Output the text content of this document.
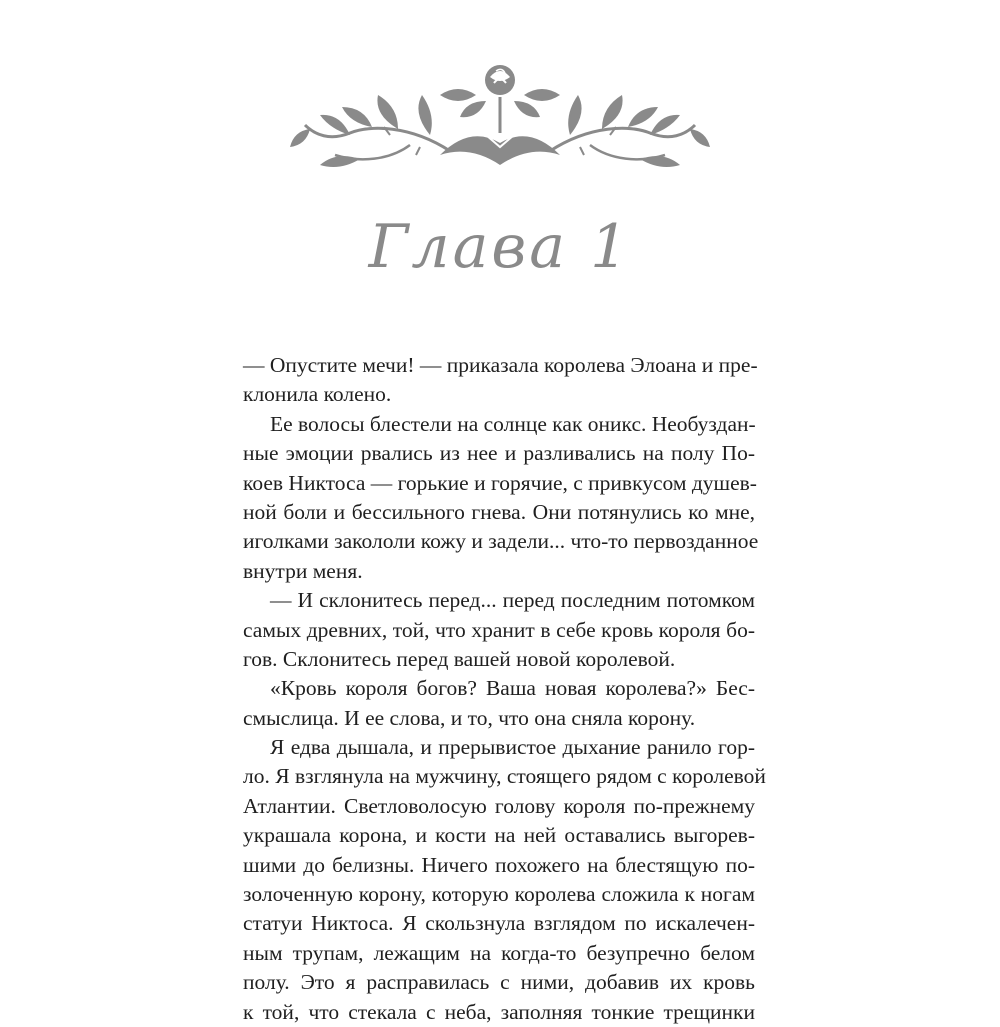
Глава 1
— Опустите мечи! — приказала королева Элоана и пре-
клонила колено.
Ее волосы блестели на солнце как оникс. Необуздан-
ные эмоции рвались из нее и разливались на полу По-
коев Никтоса — горькие и горячие, с привкусом душев-
ной боли и бессильного гнева. Они потянулись ко мне,
иголками закололи кожу и задели... что-то первозданное
внутри меня.
— И склонитесь перед... перед последним потомком
самых древних, той, что хранит в себе кровь короля бо-
гов. Склонитесь перед вашей новой королевой.
«Кровь короля богов? Ваша новая королева?» Бес-
смыслица. И ее слова, и то, что она сняла корону.
Я едва дышала, и прерывистое дыхание ранило гор-
ло. Я взглянула на мужчину, стоящего рядом с королевой
Атлантии. Светловолосую голову короля по-прежнему
украшала корона, и кости на ней оставались выгорев-
шими до белизны. Ничего похожего на блестящую по-
золоченную корону, которую королева сложила к ногам
статуи Никтоса. Я скользнула взглядом по искалечен-
ным трупам, лежащим на когда-то безупречно белом
полу. Это я расправилась с ними, добавив их кровь
к той, что стекала с неба, заполняя тонкие трещинки
